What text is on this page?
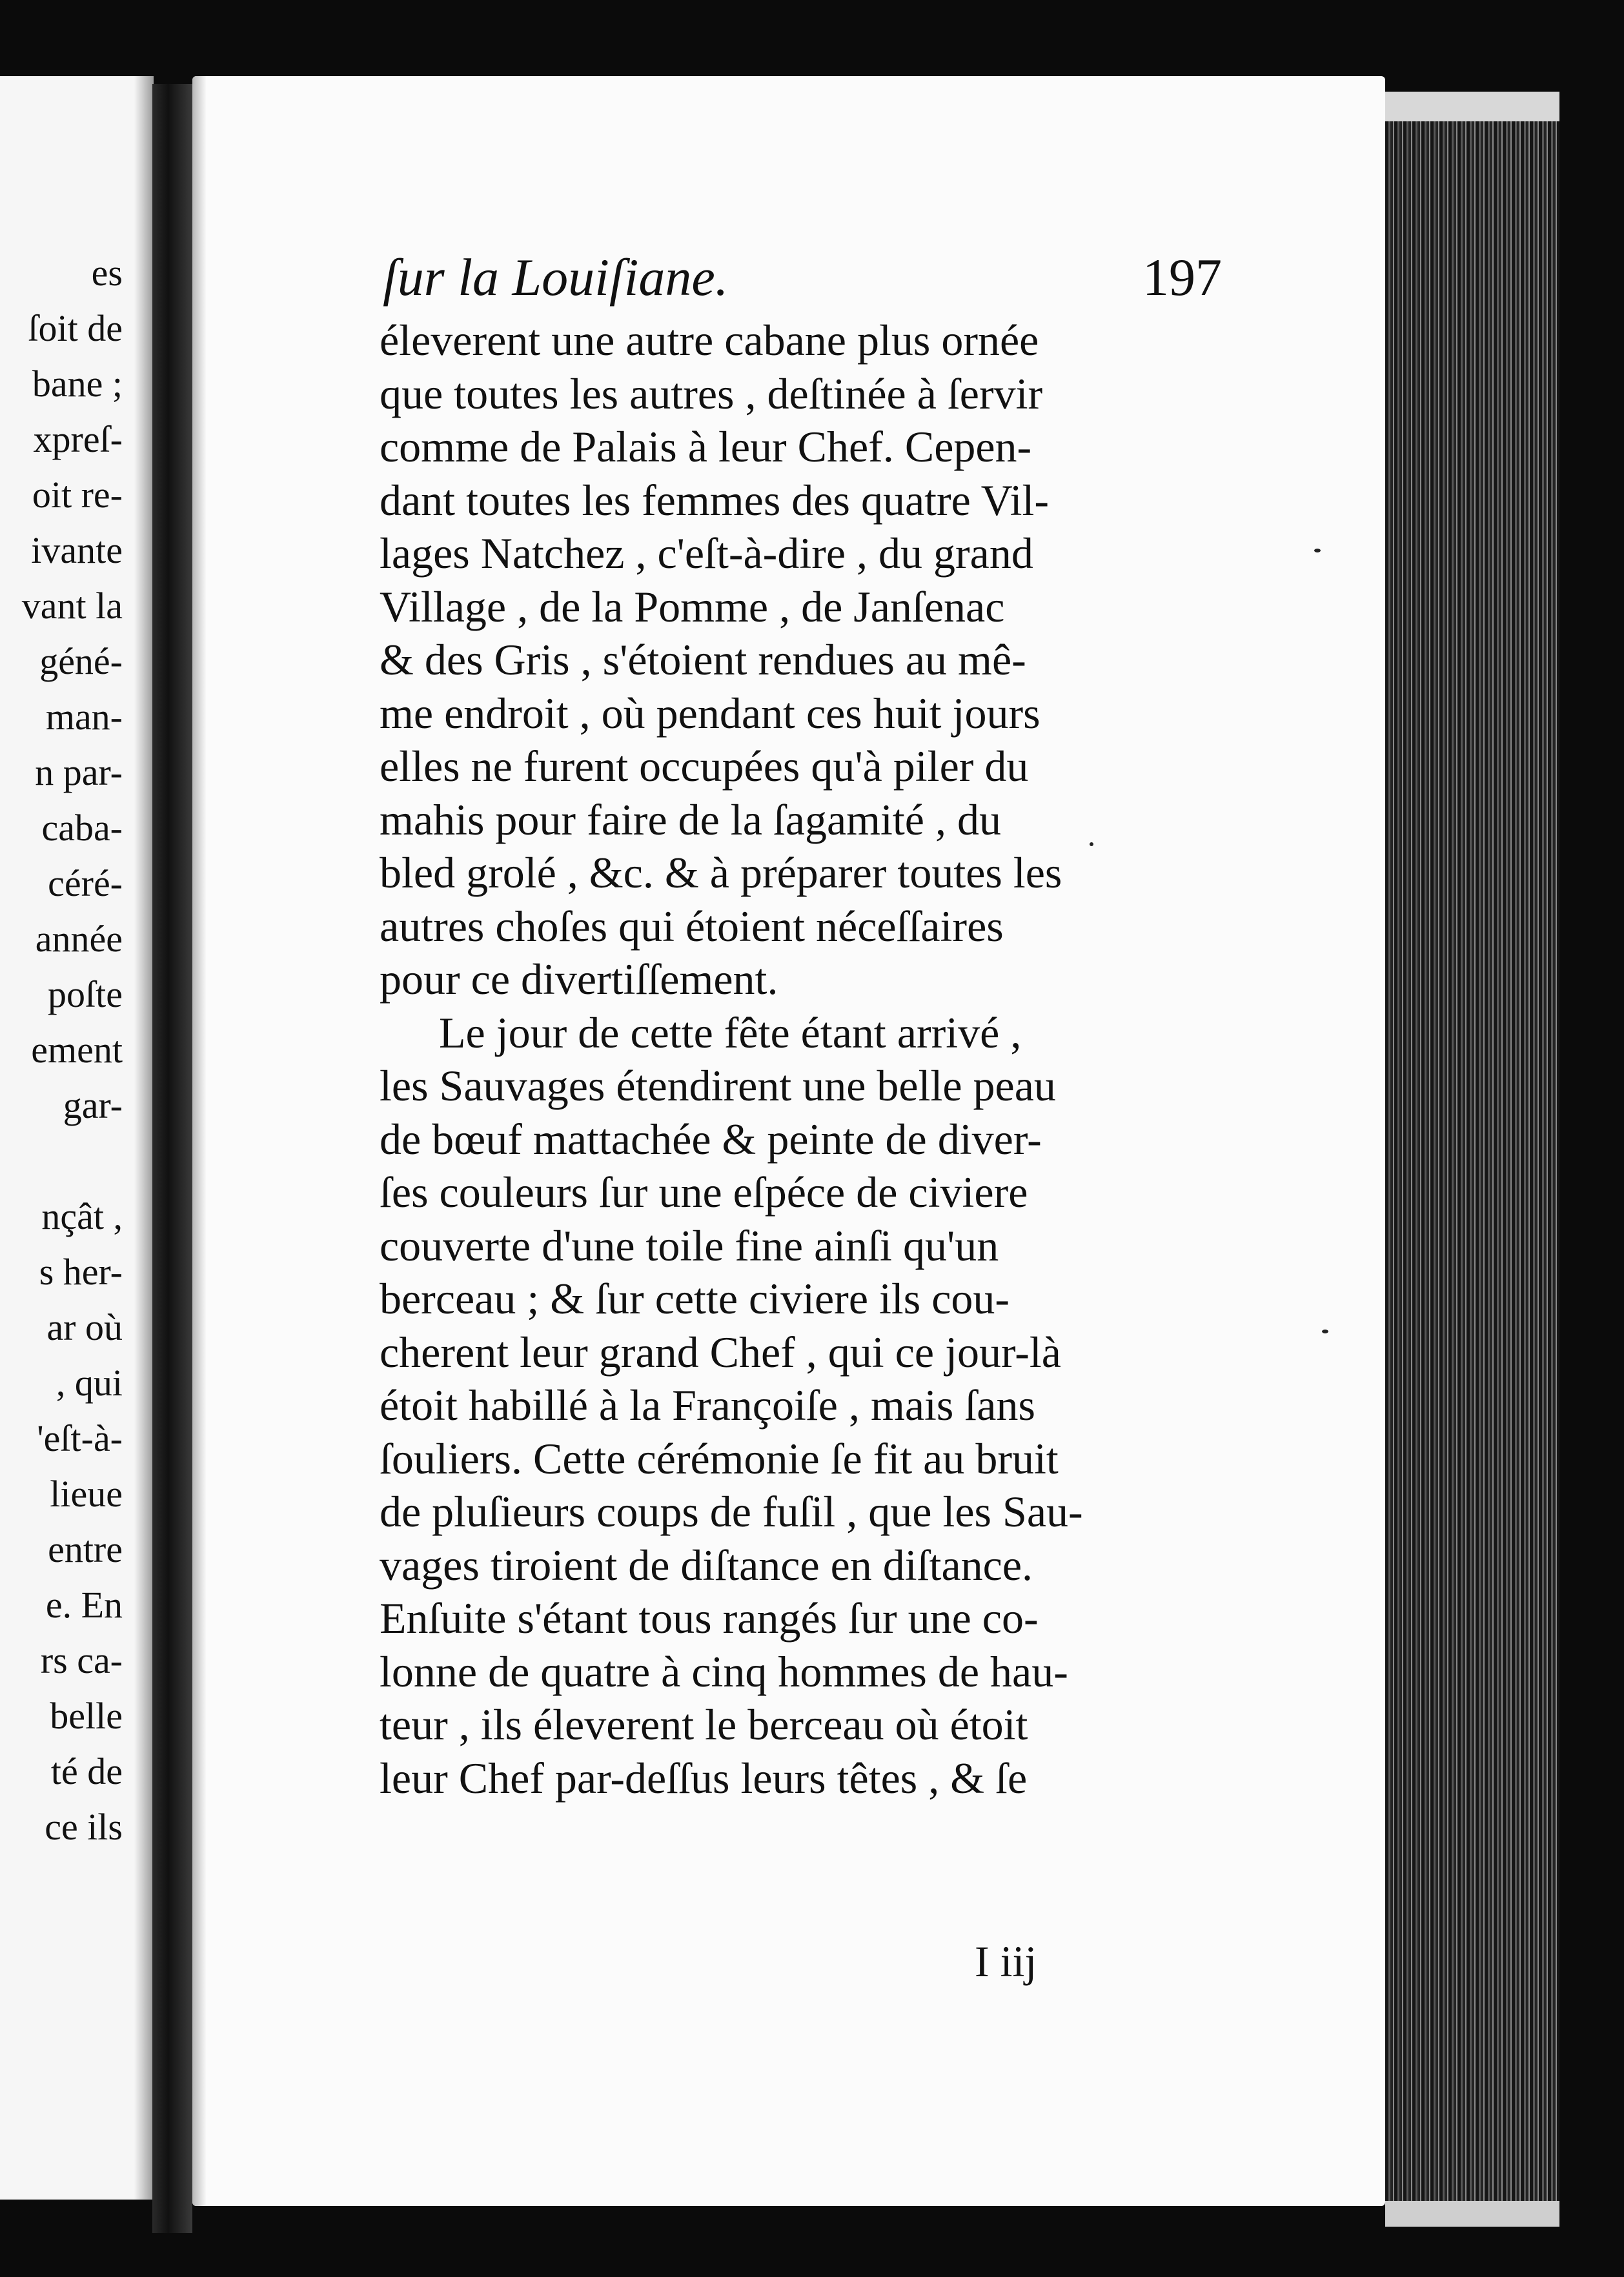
es
ſoit de
bane ;
xpreſ-
oit re-
ivante
vant la
géné-
man-
n par-
caba-
céré-
année
poſte
ement
gar-

nçât ,
s her-
ar où
, qui
'eſt-à-
lieue
entre
e. En
rs ca-
belle
té de
ce ils
ſur la Louiſiane.	197
éleverent une autre cabane plus ornée
que toutes les autres , deſtinée à ſervir
comme de Palais à leur Chef. Cepen-
dant toutes les femmes des quatre Vil-
lages Natchez , c'eſt-à-dire , du grand
Village , de la Pomme , de Janſenac
& des Gris , s'étoient rendues au mê-
me endroit , où pendant ces huit jours
elles ne furent occupées qu'à piler du
mahis pour faire de la ſagamité , du
bled grolé , &c. & à préparer toutes les
autres choſes qui étoient néceſſaires
pour ce divertiſſement.
Le jour de cette fête étant arrivé ,
les Sauvages étendirent une belle peau
de bœuf mattachée & peinte de diver-
ſes couleurs ſur une eſpéce de civiere
couverte d'une toile fine ainſi qu'un
berceau ; & ſur cette civiere ils cou-
cherent leur grand Chef , qui ce jour-là
étoit habillé à la Françoiſe , mais ſans
ſouliers. Cette cérémonie ſe fit au bruit
de pluſieurs coups de fuſil , que les Sau-
vages tiroient de diſtance en diſtance.
Enſuite s'étant tous rangés ſur une co-
lonne de quatre à cinq hommes de hau-
teur , ils éleverent le berceau où étoit
leur Chef par-deſſus leurs têtes , & ſe
I iij
